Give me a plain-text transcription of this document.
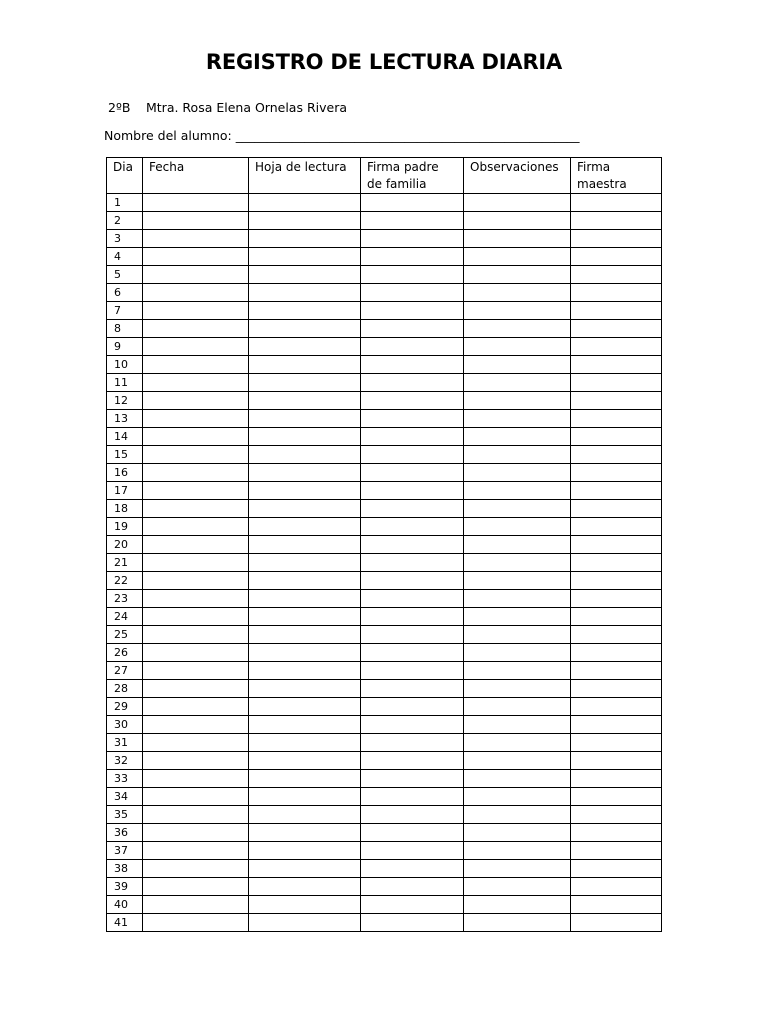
REGISTRO DE LECTURA DIARIA
2ºB Mtra. Rosa Elena Ornelas Rivera
Nombre del alumno: _______________________________________________________
Dia	Fecha	Hoja de lectura	Firma padre de familia	Observaciones	Firma maestra
1					
2					
3					
4					
5					
6					
7					
8					
9					
10					
11					
12					
13					
14					
15					
16					
17					
18					
19					
20					
21					
22					
23					
24					
25					
26					
27					
28					
29					
30					
31					
32					
33					
34					
35					
36					
37					
38					
39					
40					
41					
